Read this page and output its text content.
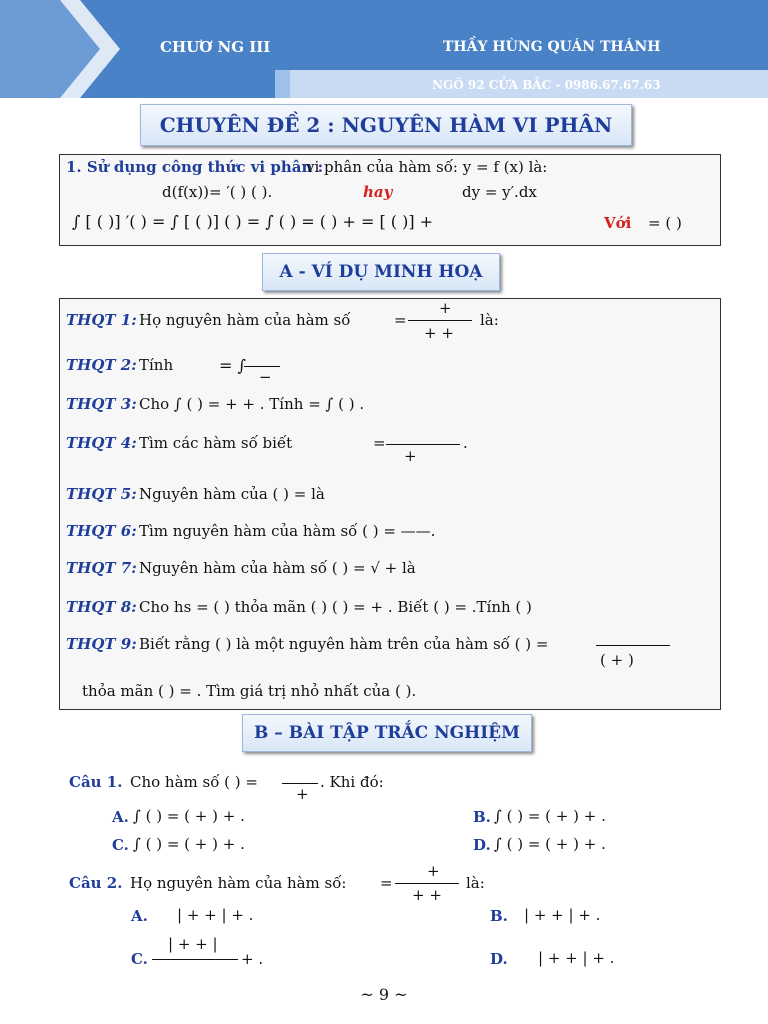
CHƯƠ NG III	THẦY HÙNG QUÁN THÁNH
NGÕ 92 CỬA BẮC - 0986.67.67.63
CHUYÊN ĐỀ 2 : NGUYÊN HÀM VI PHÂN
1. Sử dụng công thức vi phân :
vi phân của hàm số: y = f (x) là:
d(f(x))= ′( ) ( ).	hay	dy = y′.dx
∫ [ ( )] ′( ) = ∫ [ ( )] ( ) = ∫ ( ) = ( ) + = [ ( )] +	Với = ( )
A - VÍ DỤ MINH HOẠ
THQT 1: Họ nguyên hàm của hàm số	=
+
+ +
là:
THQT 2: Tính	= ∫
−
THQT 3: Cho ∫ ( ) = + + . Tính = ∫ ( ) .
THQT 4: Tìm các hàm số biết	=
+
.
THQT 5: Nguyên hàm của ( ) = là
THQT 6: Tìm nguyên hàm của hàm số ( ) = ——.
THQT 7: Nguyên hàm của hàm số ( ) = √ + là
THQT 8: Cho hs = ( ) thỏa mãn ( ) ( ) = + . Biết ( ) = .Tính ( )
THQT 9: Biết rằng ( ) là một nguyên hàm trên của hàm số ( ) =
( + )
thỏa mãn ( ) = . Tìm giá trị nhỏ nhất của ( ).
B – BÀI TẬP TRẮC NGHIỆM
Câu 1. Cho hàm số ( ) =
+
. Khi đó:
A. ∫ ( ) = ( + ) + .	B. ∫ ( ) = ( + ) + .
C. ∫ ( ) = ( + ) + .	D. ∫ ( ) = ( + ) + .
Câu 2. Họ nguyên hàm của hàm số: =
+
+ +
là:
A. | + + | + .	B. | + + | + .
C.
| + + |
+ .	D. | + + | + .
~ 9 ~
